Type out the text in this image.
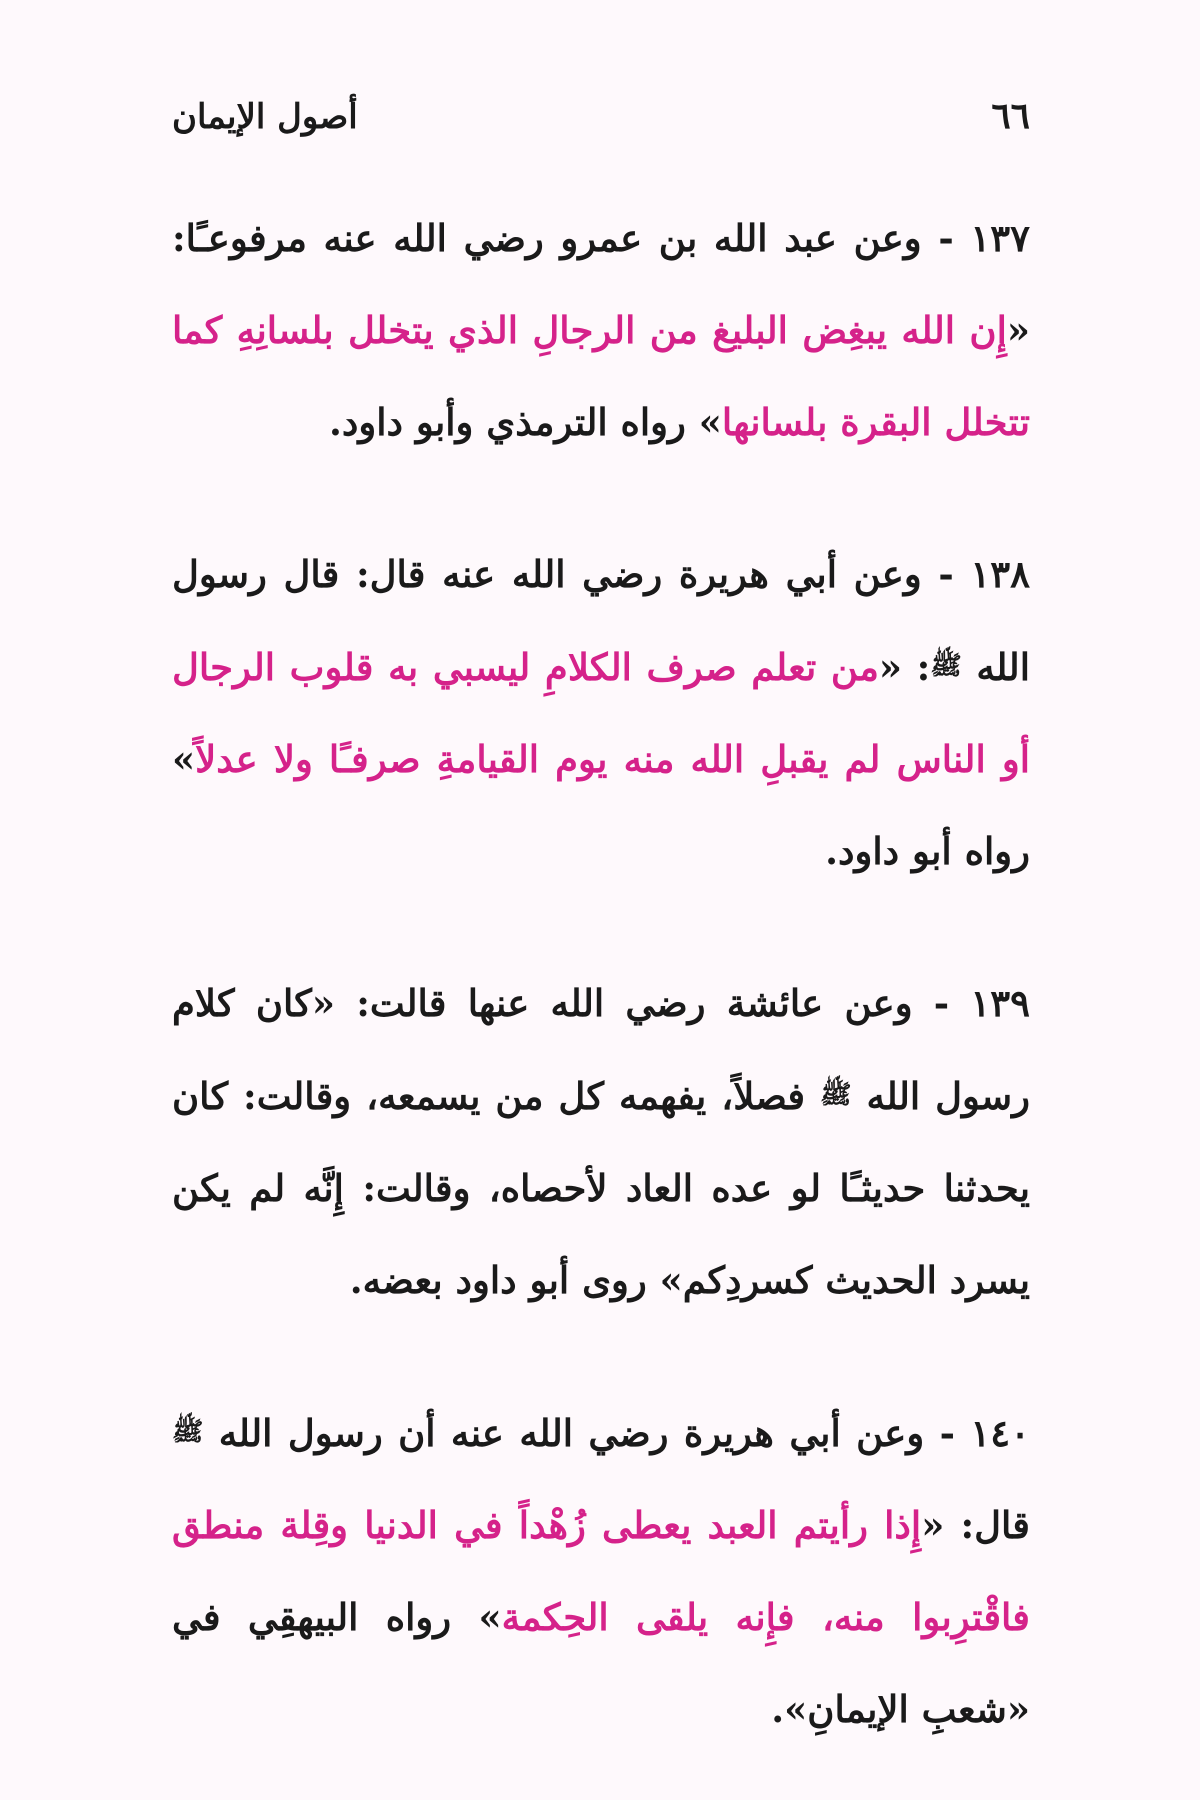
٦٦
أصول الإيمان

١٣٧ - وعن عبد الله بن عمرو رضي الله عنه مرفوعـًا: «إِن الله يبغِض البليغ من الرجالِ الذي يتخلل بلسانِهِ كما تتخلل البقرة بلسانها» رواه الترمذي وأبو داود.

١٣٨ - وعن أبي هريرة رضي الله عنه قال: قال رسول الله ﷺ: «من تعلم صرف الكلامِ ليسبي به قلوب الرجال أو الناس لم يقبلِ الله منه يوم القيامةِ صرفـًا ولا عدلاً» رواه أبو داود.

١٣٩ - وعن عائشة رضي الله عنها قالت: «كان كلام رسول الله ﷺ فصلاً، يفهمه كل من يسمعه، وقالت: كان يحدثنا حديثـًا لو عده العاد لأحصاه، وقالت: إِنَّه لم يكن يسرد الحديث كسردِكم» روى أبو داود بعضه.

١٤٠ - وعن أبي هريرة رضي الله عنه أن رسول الله ﷺ قال: «إِذا رأيتم العبد يعطى زُهْداً في الدنيا وقِلة منطق فاقْترِبوا منه، فإِنه يلقى الحِكمة» رواه البيهقِي في «شعبِ الإيمانِ».
